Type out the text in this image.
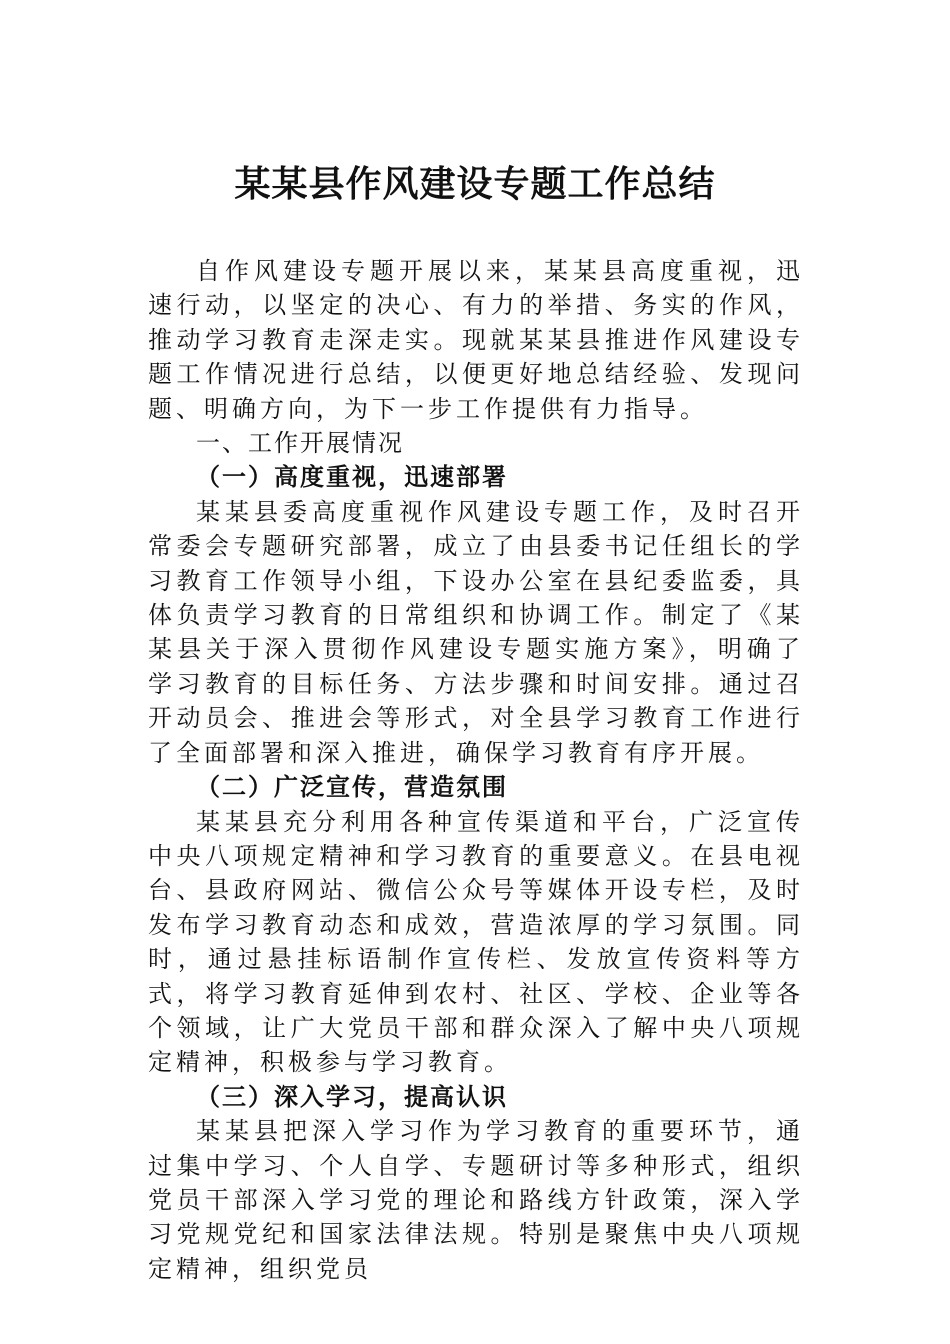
某某县作风建设专题工作总结

自作风建设专题开展以来，某某县高度重视，迅速行动，以坚定的决心、有力的举措、务实的作风，推动学习教育走深走实。现就某某县推进作风建设专题工作情况进行总结，以便更好地总结经验、发现问题、明确方向，为下一步工作提供有力指导。

一、工作开展情况

（一）高度重视，迅速部署

某某县委高度重视作风建设专题工作，及时召开常委会专题研究部署，成立了由县委书记任组长的学习教育工作领导小组，下设办公室在县纪委监委，具体负责学习教育的日常组织和协调工作。制定了《某某县关于深入贯彻作风建设专题实施方案》，明确了学习教育的目标任务、方法步骤和时间安排。通过召开动员会、推进会等形式，对全县学习教育工作进行了全面部署和深入推进，确保学习教育有序开展。

（二）广泛宣传，营造氛围

某某县充分利用各种宣传渠道和平台，广泛宣传中央八项规定精神和学习教育的重要意义。在县电视台、县政府网站、微信公众号等媒体开设专栏，及时发布学习教育动态和成效，营造浓厚的学习氛围。同时，通过悬挂标语制作宣传栏、发放宣传资料等方式，将学习教育延伸到农村、社区、学校、企业等各个领域，让广大党员干部和群众深入了解中央八项规定精神，积极参与学习教育。

（三）深入学习，提高认识

某某县把深入学习作为学习教育的重要环节，通过集中学习、个人自学、专题研讨等多种形式，组织党员干部深入学习党的理论和路线方针政策，深入学习党规党纪和国家法律法规。特别是聚焦中央八项规定精神，组织党员
